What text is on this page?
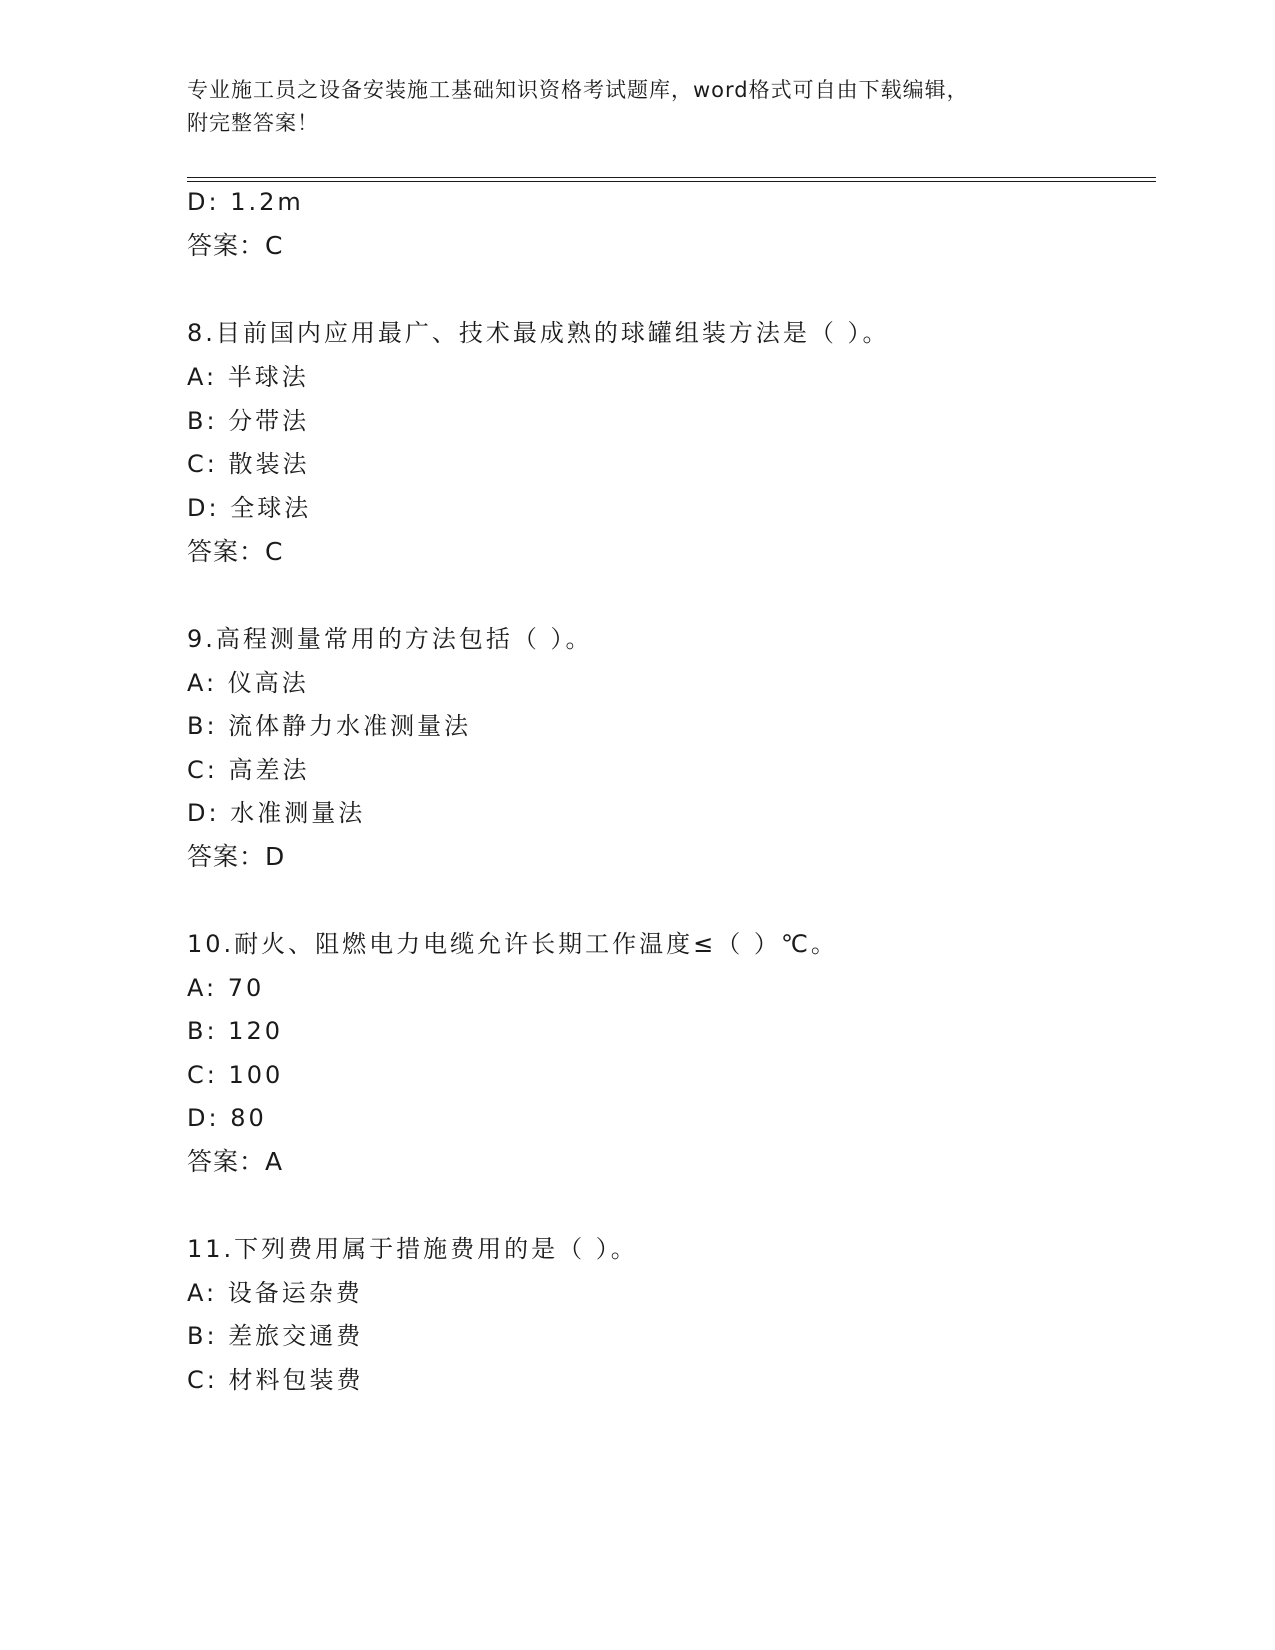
专业施工员之设备安装施工基础知识资格考试题库，word格式可自由下载编辑，
附完整答案！
D: 1.2m
答案：C
8.目前国内应用最广、技术最成熟的球罐组装方法是（ ）。
A: 半球法
B: 分带法
C: 散装法
D: 全球法
答案：C
9.高程测量常用的方法包括（ ）。
A: 仪高法
B: 流体静力水准测量法
C: 高差法
D: 水准测量法
答案：D
10.耐火、阻燃电力电缆允许长期工作温度≤（ ）℃。
A: 70
B: 120
C: 100
D: 80
答案：A
11.下列费用属于措施费用的是（ ）。
A: 设备运杂费
B: 差旅交通费
C: 材料包装费
